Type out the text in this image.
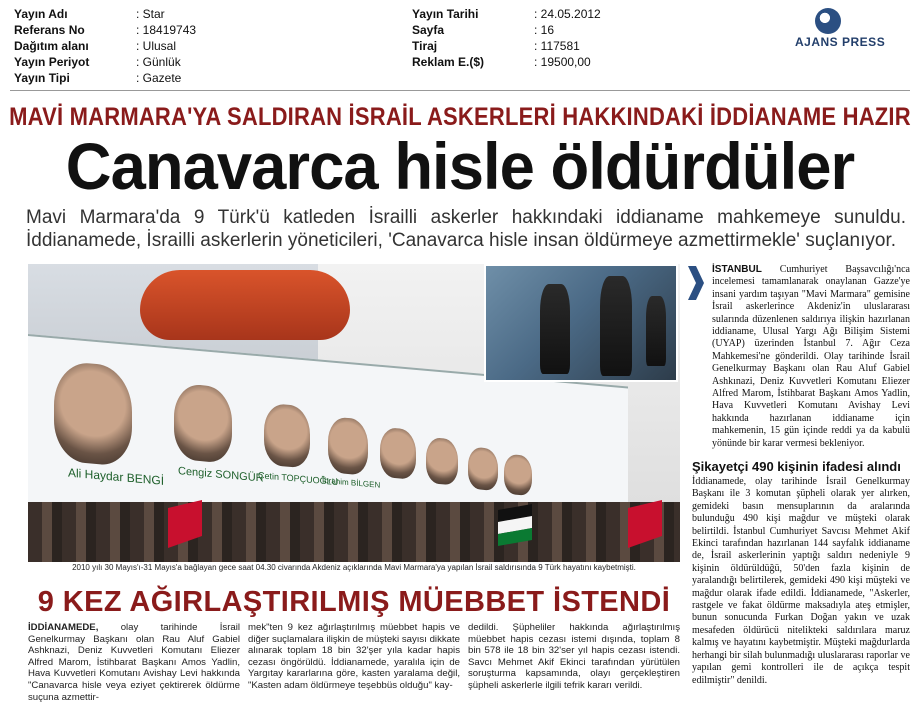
Yayın Adı	: Star
Referans No	: 18419743
Dağıtım alanı	: Ulusal
Yayın Periyot	: Günlük
Yayın Tipi	: Gazete
Yayın Tarihi	: 24.05.2012
Sayfa	: 16
Tiraj	: 117581
Reklam E.($)	: 19500,00
AJANS PRESS
MAVİ MARMARA'YA SALDIRAN İSRAİL ASKERLERİ HAKKINDAKİ İDDİANAME HAZIR
Canavarca hisle öldürdüler
Mavi Marmara'da 9 Türk'ü katleden İsrailli askerler hakkındaki iddianame mahkemeye sunuldu. İddianamede, İsrailli askerlerin yöneticileri, 'Canavarca hisle insan öldürmeye azmettirmekle' suçlanıyor.
Ali Haydar BENGİ Cengiz SONGÜR
Çetin TOPÇUOĞLU
İbrahim BİLGEN
2010 yılı 30 Mayıs'ı-31 Mayıs'a bağlayan gece saat 04.30 civarında Akdeniz açıklarında Mavi Marmara'ya yapılan İsrail saldırısında 9 Türk hayatını kaybetmişti.
İSTANBUL Cumhuriyet Başsavcılığı'nca incelemesi tamamlanarak onaylanan Gazze'ye insani yardım taşıyan "Mavi Marmara" gemisine İsrail askerlerince Akdeniz'in uluslararası sularında düzenlenen saldırıya ilişkin hazırlanan iddianame, Ulusal Yargı Ağı Bilişim Sistemi (UYAP) üzerinden İstanbul 7. Ağır Ceza Mahkemesi'ne gönderildi. Olay tarihinde İsrail Genelkurmay Başkanı olan Rau Aluf Gabiel Ashkınazi, Deniz Kuvvetleri Komutanı Eliezer Alfred Marom, İstihbarat Başkanı Amos Yadlin, Hava Kuvvetleri Komutanı Avishay Levi hakkında hazırlanan iddianame için mahkemenin, 15 gün içinde reddi ya da kabulü yönünde bir karar vermesi bekleniyor.
Şikayetçi 490 kişinin ifadesi alındı
İddianamede, olay tarihinde İsrail Genelkurmay Başkanı ile 3 komutan şüpheli olarak yer alırken, gemideki basın mensuplarının da aralarında bulunduğu 490 kişi mağdur ve müşteki olarak belirtildi. İstanbul Cumhuriyet Savcısı Mehmet Akif Ekinci tarafından hazırlanan 144 sayfalık iddianame de, İsrail askerlerinin yaptığı saldırı nedeniyle 9 kişinin öldürüldüğü, 50'den fazla kişinin de yaralandığı belirtilerek, gemideki 490 kişi müşteki ve mağdur olarak ifade edildi. İddianamede, "Askerler, rastgele ve fakat öldürme maksadıyla ateş etmişler, bunun sonucunda Furkan Doğan yakın ve uzak mesafeden öldürücü nitelikteki saldırılara maruz kalmış ve hayatını kaybetmiştir. Müşteki mağdurlarda herhangi bir silah bulunmadığı uluslararası raporlar ve yapılan gemi kontrolleri ile de açıkça tespit edilmiştir" denildi.
9 KEZ AĞIRLAŞTIRILMIŞ MÜEBBET İSTENDİ
İDDİANAMEDE, olay tarihinde İsrail Genelkurmay Başkanı olan Rau Aluf Gabiel Ashknazi, Deniz Kuvvetleri Komutanı Eliezer Alfred Marom, İstihbarat Başkanı Amos Yadlin, Hava Kuvvetleri Komutanı Avishay Levi hakkında "Canavarca hisle veya eziyet çektirerek öldürme suçuna azmettir-
mek"ten 9 kez ağırlaştırılmış müebbet hapis ve diğer suçlamalara ilişkin de müşteki sayısı dikkate alınarak toplam 18 bin 32'şer yıla kadar hapis cezası öngörüldü. İddianamede, yaralıla için de Yargıtay kararlarına göre, kasten yaralama değil, "Kasten adam öldürmeye teşebbüs olduğu" kay-
dedildi. Şüpheliler hakkında ağırlaştırılmış müebbet hapis cezası istemi dışında, toplam 8 bin 578 ile 18 bin 32'ser yıl hapis cezası istendi. Savcı Mehmet Akif Ekinci tarafından yürütülen soruşturma kapsamında, olayı gerçekleştiren şüpheli askerlerle ilgili tefrik kararı verildi.
